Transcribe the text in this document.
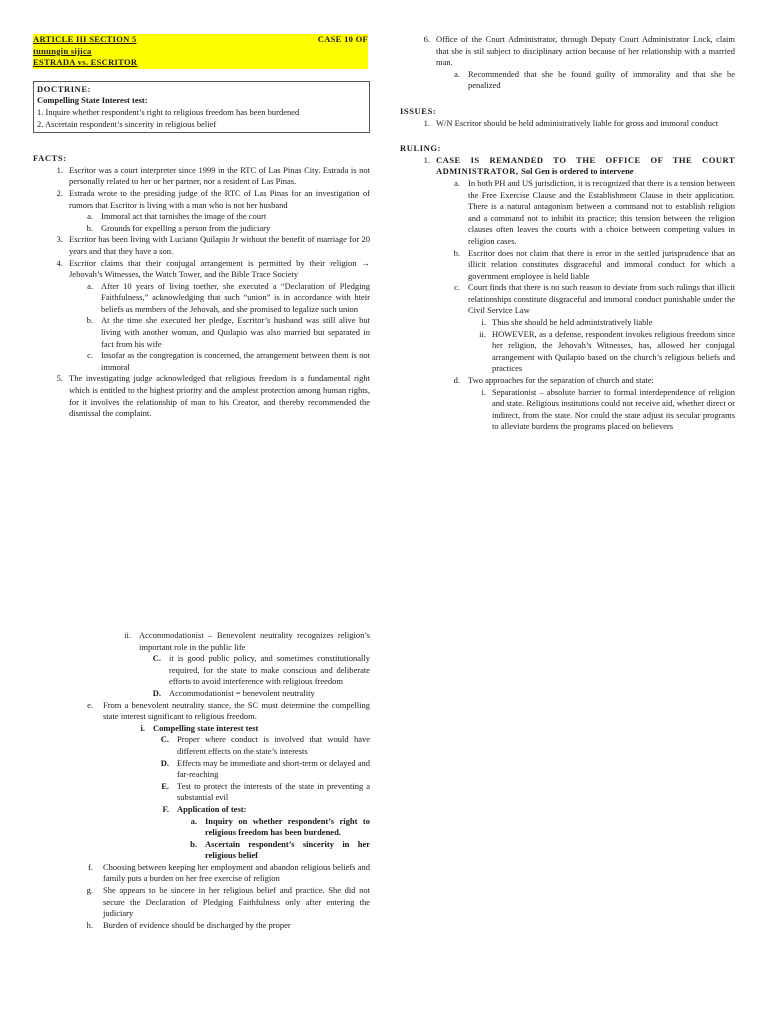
ARTICLE III SECTION 5	CASE 10 OF
tunungin sijica
ESTRADA vs. ESCRITOR
DOCTRINE:
Compelling State Interest test:
1. Inquire whether respondent’s right to religious freedom has been burdened
2. Ascertain respondent’s sincerity in religious belief
FACTS:
1. Escritor was a court interpreter since 1999 in the RTC of Las Pinas City. Estrada is not personally related to her or her partner, nor a resident of Las Pinas.
2. Estrada wrote to the presiding judge of the RTC of Las Pinas for an investigation of rumors that Escritor is living with a man who is not her husband
a. Immoral act that tarnishes the image of the court
b. Grounds for expelling a person from the judiciary
3. Escritor has been living with Luciano Quilapio Jr without the benefit of marriage for 20 years and that they have a son.
4. Escritor claims that their conjugal arrangement is permitted by their religion → Jehovah’s Witnesses, the Watch Tower, and the Bible Trace Society
a. After 10 years of living toether, she executed a “Declaration of Pledging Faithfulness,” acknowledging that such “union” is in accordance with hteir beliefs as members of the Jehovah, and she promised to legalize such union
b. At the time she executed her pledge, Escritor’s husband was still alive but living with another woman, and Quilapio was also married but separated in fact from his wife
c. Insofar as the congregation is concerned, the arrangement between them is not immoral
5. The investigating judge acknowledged that religious freedom is a fundamental right which is entitled to the highest priority and the amplest protection among human rights, for it involves the relationship of man to his Creator, and thereby recommended the dismissal the complaint.
6. Office of the Court Administrator, through Deputy Court Administrator Lock, claim that she is stil subject to disciplinary action because of her relationship with a married man.
a. Recommended that she be found guilty of immorality and that she be penalized
ISSUES:
1. W/N Escritor should be held administratively liable for gross and immoral conduct
RULING:
1. CASE IS REMANDED TO THE OFFICE OF THE COURT ADMINISTRATOR, Sol Gen is ordered to intervene
a. In both PH and US jurisdiction, it is recognized that there is a tension between the Free Exercise Clause and the Establishment Clause in their application. There is a natural antagonism between a command not to establish religion and a command not to inhibit its practice; this tension between the religion clauses often leaves the courts with a choice between competing values in religion cases.
b. Escritor does not claim that there is error in the settled jurisprudence that an illicit relation constitutes disgraceful and immoral conduct for which a government employee is held liable
c. Court finds that there is no such reason to deviate from such rulings that illicit relationships constitute disgraceful and immoral conduct punishable under the Civil Service Law
i. Thus she should be held administratively liable
ii. HOWEVER, as a defense, respondent invokes religious freedom since her religion, the Jehovah’s Witnesses, has, allowed her conjugal arrangement with Quilapio based on the church’s religious beliefs and practices
d. Two approaches for the separation of church and state:
i. Separationist – absolute barrier to formal interdependence of religion and state. Religious institutions could not receive aid, whether direct or indirect, from the state. Nor could the state adjust its secular programs to alleviate burdens the programs placed on believers
ii. Accommodationist – Benevolent neutrality recognizes religion’s important role in the public life
C. it is good public policy, and sometimes constitutionally required, for the state to make conscious and deliberate efforts to avoid interference with religious freedom
D. Accommodationist = benevolent neutrality
e.	From a benevolent neutrality stance, the SC must determine the compelling state interest significant to religious freedom.
i. Compelling state interest test
C. Proper where conduct is involved that would have different effects on the state’s interests
D. Effects may be immediate and short-term or delayed and far-reaching
E. Test to protect the interests of the state in preventing a substantial evil
F. Application of test:
a. Inquiry on whether respondent’s right to religious freedom has been burdened.
b. Ascertain respondent’s sincerity in her religious belief
f.	Choosing between keeping her employment and abandon religious beliefs and family puts a burden on her free exercise of religion
g.	She appears to be sincere in her religious belief and practice. She did not secure the Declaration of Pledging Faithfulness only after entering the judiciary
h.	Burden of evidence should be discharged by the proper
